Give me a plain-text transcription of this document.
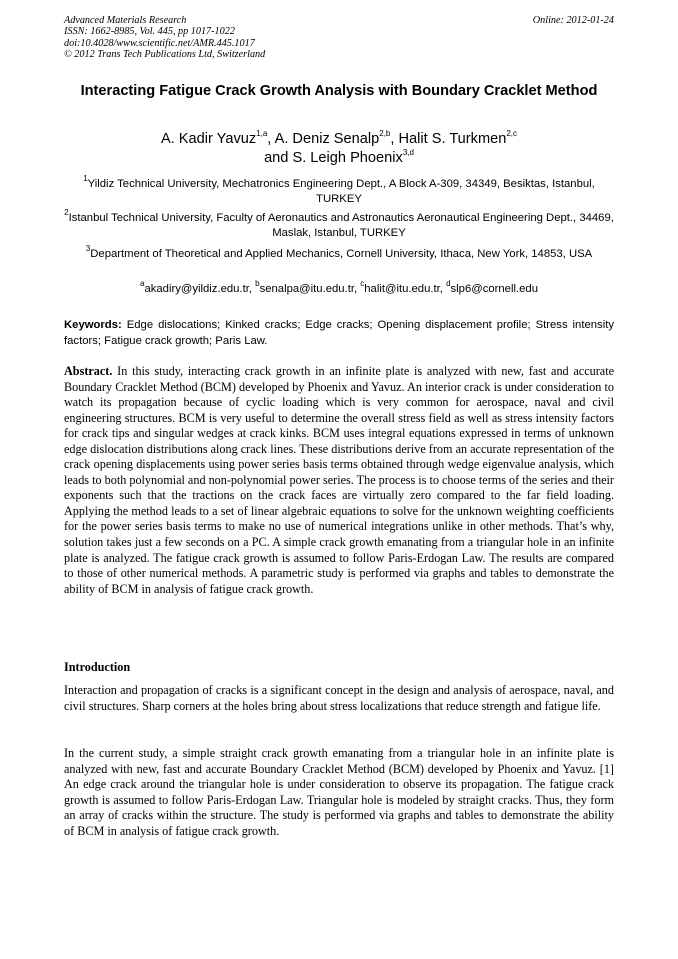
Advanced Materials Research
ISSN: 1662-8985, Vol. 445, pp 1017-1022
doi:10.4028/www.scientific.net/AMR.445.1017
© 2012 Trans Tech Publications Ltd, Switzerland
Online: 2012-01-24
Interacting Fatigue Crack Growth Analysis with Boundary Cracklet Method
A. Kadir Yavuz$^{1,a}$, A. Deniz Senalp$^{2,b}$, Halit S. Turkmen$^{2,c}$
and S. Leigh Phoenix$^{3,d}$
$^1$Yildiz Technical University, Mechatronics Engineering Dept., A Block A-309, 34349, Besiktas, Istanbul, TURKEY
$^2$Istanbul Technical University, Faculty of Aeronautics and Astronautics Aeronautical Engineering Dept., 34469, Maslak, Istanbul, TURKEY
$^3$Department of Theoretical and Applied Mechanics, Cornell University, Ithaca, New York, 14853, USA
$^a$akadiry@yildiz.edu.tr, $^b$senalpa@itu.edu.tr, $^c$halit@itu.edu.tr, $^d$slp6@cornell.edu
Keywords: Edge dislocations; Kinked cracks; Edge cracks; Opening displacement profile; Stress intensity factors; Fatigue crack growth; Paris Law.
Abstract. In this study, interacting crack growth in an infinite plate is analyzed with new, fast and accurate Boundary Cracklet Method (BCM) developed by Phoenix and Yavuz. An interior crack is under consideration to watch its propagation because of cyclic loading which is very common for aerospace, naval and civil engineering structures. BCM is very useful to determine the overall stress field as well as stress intensity factors for crack tips and singular wedges at crack kinks. BCM uses integral equations expressed in terms of unknown edge dislocation distributions along crack lines. These distributions derive from an accurate representation of the crack opening displacements using power series basis terms obtained through wedge eigenvalue analysis, which leads to both polynomial and non-polynomial power series. The process is to choose terms of the series and their exponents such that the tractions on the crack faces are virtually zero compared to the far field loading. Applying the method leads to a set of linear algebraic equations to solve for the unknown weighting coefficients for the power series basis terms to make no use of numerical integrations unlike in other methods. That’s why, solution takes just a few seconds on a PC. A simple crack growth emanating from a triangular hole in an infinite plate is analyzed. The fatigue crack growth is assumed to follow Paris-Erdogan Law. The results are compared to those of other numerical methods. A parametric study is performed via graphs and tables to demonstrate the ability of BCM in analysis of fatigue crack growth.
Introduction
Interaction and propagation of cracks is a significant concept in the design and analysis of aerospace, naval, and civil structures. Sharp corners at the holes bring about stress localizations that reduce strength and fatigue life.
In the current study, a simple straight crack growth emanating from a triangular hole in an infinite plate is analyzed with new, fast and accurate Boundary Cracklet Method (BCM) developed by Phoenix and Yavuz. [1] An edge crack around the triangular hole is under consideration to observe its propagation. The fatigue crack growth is assumed to follow Paris-Erdogan Law. Triangular hole is modeled by straight cracks. Thus, they form an array of cracks within the structure. The study is performed via graphs and tables to demonstrate the ability of BCM in analysis of fatigue crack growth.
